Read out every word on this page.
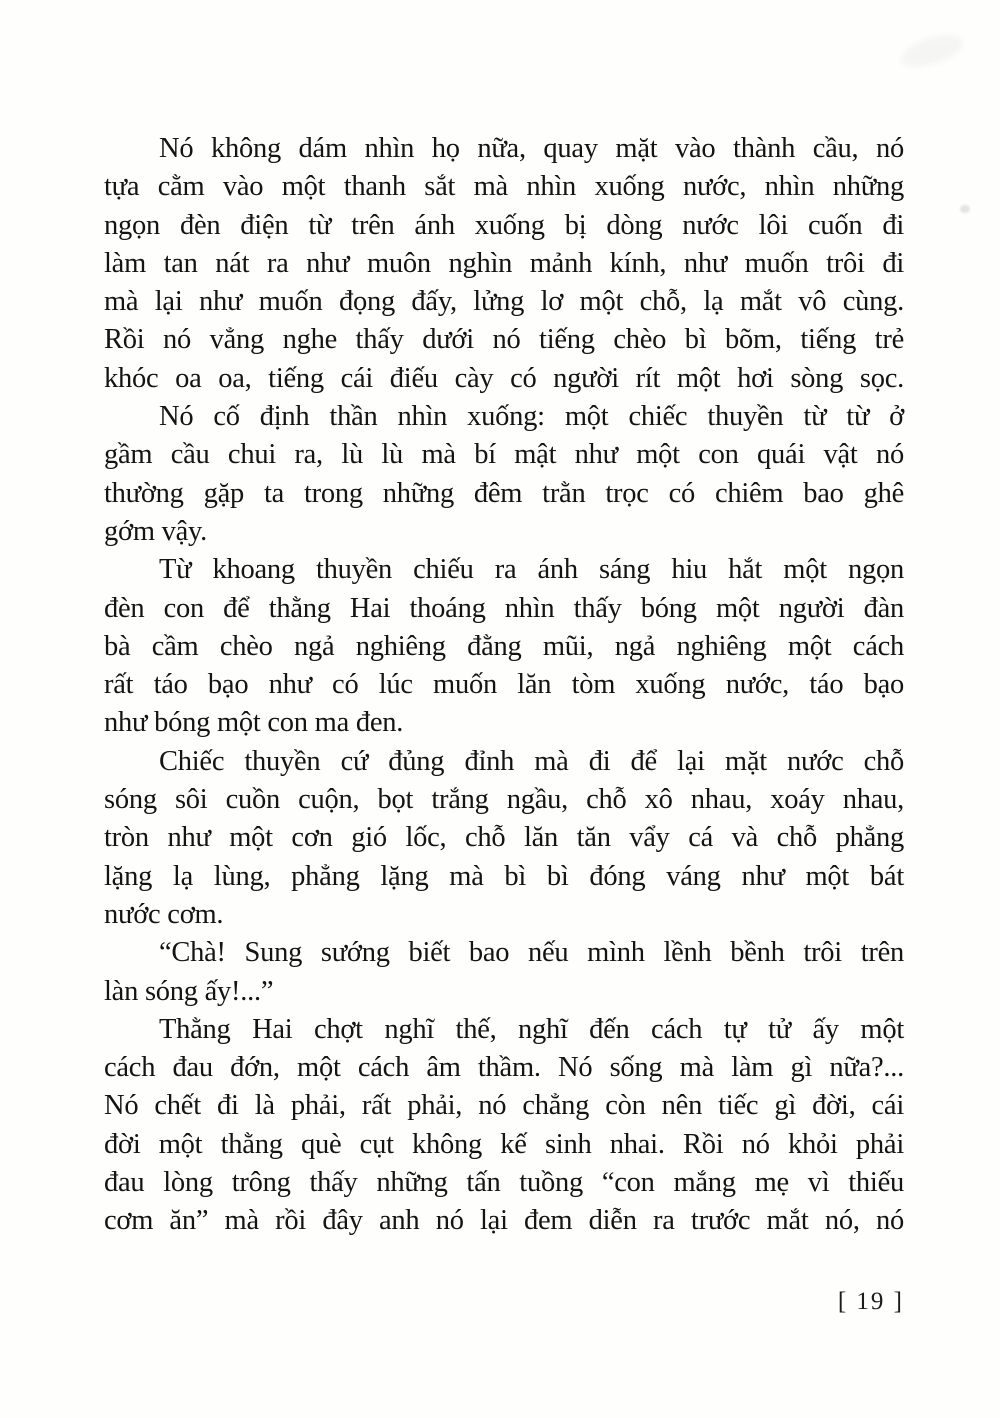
Nó không dám nhìn họ nữa, quay mặt vào thành cầu, nó
tựa cằm vào một thanh sắt mà nhìn xuống nước, nhìn những
ngọn đèn điện từ trên ánh xuống bị dòng nước lôi cuốn đi
làm tan nát ra như muôn nghìn mảnh kính, như muốn trôi đi
mà lại như muốn đọng đấy, lửng lơ một chỗ, lạ mắt vô cùng.
Rồi nó vẳng nghe thấy dưới nó tiếng chèo bì bõm, tiếng trẻ
khóc oa oa, tiếng cái điếu cày có người rít một hơi sòng sọc.
Nó cố định thần nhìn xuống: một chiếc thuyền từ từ ở
gầm cầu chui ra, lù lù mà bí mật như một con quái vật nó
thường gặp ta trong những đêm trằn trọc có chiêm bao ghê
gớm vậy.
Từ khoang thuyền chiếu ra ánh sáng hiu hắt một ngọn
đèn con để thằng Hai thoáng nhìn thấy bóng một người đàn
bà cầm chèo ngả nghiêng đằng mũi, ngả nghiêng một cách
rất táo bạo như có lúc muốn lăn tòm xuống nước, táo bạo
như bóng một con ma đen.
Chiếc thuyền cứ đủng đỉnh mà đi để lại mặt nước chỗ
sóng sôi cuồn cuộn, bọt trắng ngầu, chỗ xô nhau, xoáy nhau,
tròn như một cơn gió lốc, chỗ lăn tăn vẩy cá và chỗ phẳng
lặng lạ lùng, phẳng lặng mà bì bì đóng váng như một bát
nước cơm.
“Chà! Sung sướng biết bao nếu mình lềnh bềnh trôi trên
làn sóng ấy!...”
Thằng Hai chợt nghĩ thế, nghĩ đến cách tự tử ấy một
cách đau đớn, một cách âm thầm. Nó sống mà làm gì nữa?...
Nó chết đi là phải, rất phải, nó chẳng còn nên tiếc gì đời, cái
đời một thằng què cụt không kế sinh nhai. Rồi nó khỏi phải
đau lòng trông thấy những tấn tuồng “con mắng mẹ vì thiếu
cơm ăn” mà rồi đây anh nó lại đem diễn ra trước mắt nó, nó
[ 19 ]
